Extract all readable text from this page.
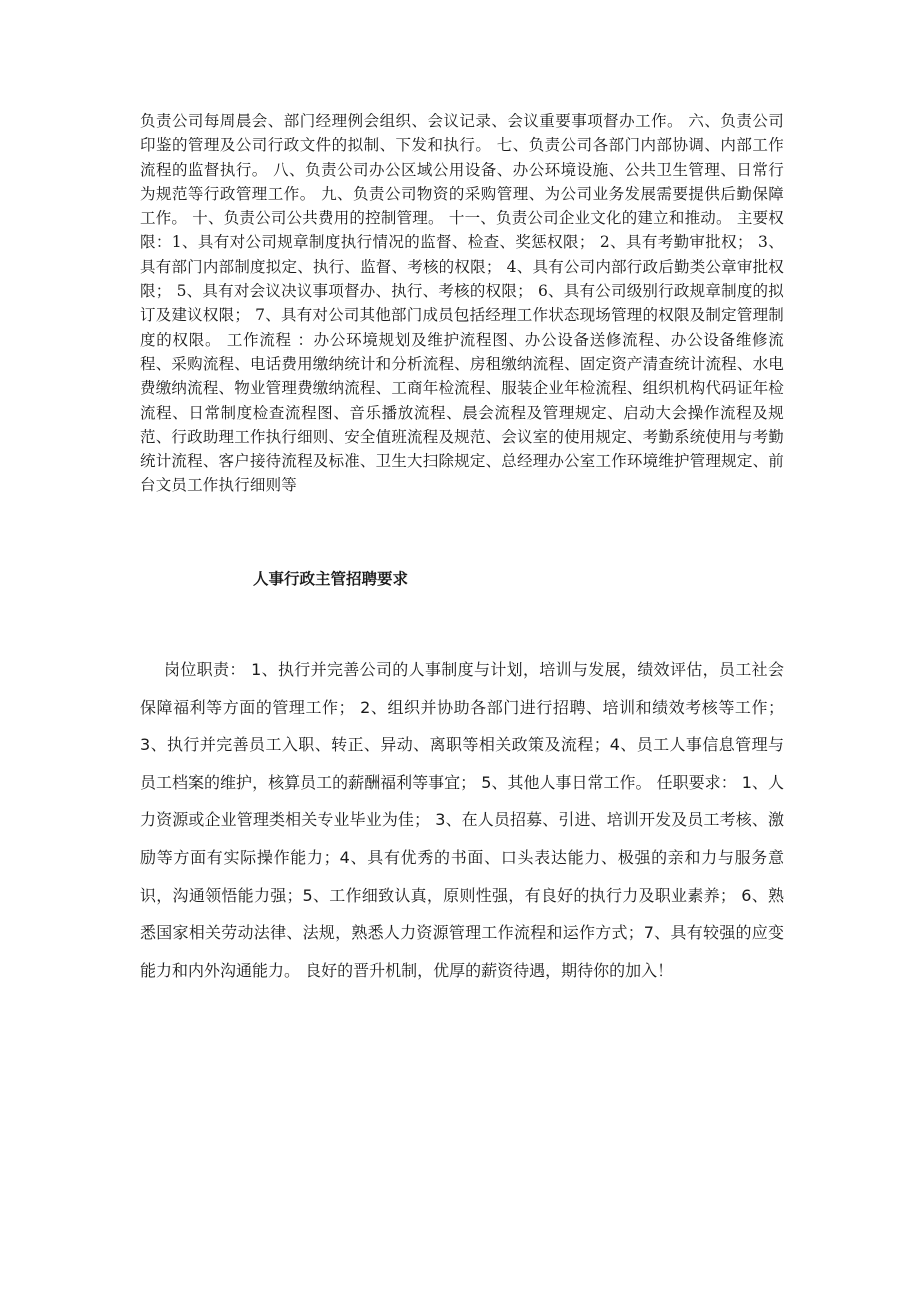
负责公司每周晨会、部门经理例会组织、会议记录、会议重要事项督办工作。 六、负责公司印鉴的管理及公司行政文件的拟制、下发和执行。 七、负责公司各部门内部协调、内部工作流程的监督执行。 八、负责公司办公区域公用设备、办公环境设施、公共卫生管理、日常行为规范等行政管理工作。 九、负责公司物资的采购管理、为公司业务发展需要提供后勤保障工作。 十、负责公司公共费用的控制管理。 十一、负责公司企业文化的建立和推动。 主要权限：1、具有对公司规章制度执行情况的监督、检查、奖惩权限； 2、具有考勤审批权； 3、具有部门内部制度拟定、执行、监督、考核的权限； 4、具有公司内部行政后勤类公章审批权限； 5、具有对会议决议事项督办、执行、考核的权限； 6、具有公司级别行政规章制度的拟订及建议权限； 7、具有对公司其他部门成员包括经理工作状态现场管理的权限及制定管理制度的权限。 工作流程 ：办公环境规划及维护流程图、办公设备送修流程、办公设备维修流程、采购流程、电话费用缴纳统计和分析流程、房租缴纳流程、固定资产清查统计流程、水电费缴纳流程、物业管理费缴纳流程、工商年检流程、服装企业年检流程、组织机构代码证年检流程、日常制度检查流程图、音乐播放流程、晨会流程及管理规定、启动大会操作流程及规范、行政助理工作执行细则、安全值班流程及规范、会议室的使用规定、考勤系统使用与考勤统计流程、客户接待流程及标准、卫生大扫除规定、总经理办公室工作环境维护管理规定、前台文员工作执行细则等

人事行政主管招聘要求

岗位职责： 1、执行并完善公司的人事制度与计划，培训与发展，绩效评估，员工社会保障福利等方面的管理工作； 2、组织并协助各部门进行招聘、培训和绩效考核等工作； 3、执行并完善员工入职、转正、异动、离职等相关政策及流程；4、员工人事信息管理与员工档案的维护，核算员工的薪酬福利等事宜； 5、其他人事日常工作。 任职要求： 1、人力资源或企业管理类相关专业毕业为佳； 3、在人员招募、引进、培训开发及员工考核、激励等方面有实际操作能力；4、具有优秀的书面、口头表达能力、极强的亲和力与服务意识，沟通领悟能力强；5、工作细致认真，原则性强，有良好的执行力及职业素养； 6、熟悉国家相关劳动法律、法规，熟悉人力资源管理工作流程和运作方式；7、具有较强的应变能力和内外沟通能力。 良好的晋升机制，优厚的薪资待遇，期待你的加入！
